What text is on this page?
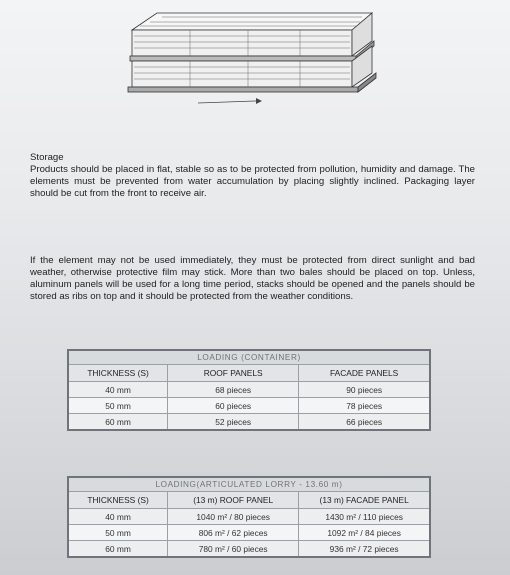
Storage

Products should be placed in flat, stable so as to be protected from pollution, humidity and damage. The elements must be prevented from water accumulation by placing slightly inclined. Packaging layer should be cut from the front to receive air.

If the element may not be used immediately, they must be protected from direct sunlight and bad weather, otherwise protective film may stick. More than two bales should be placed on top. Unless, aluminum panels will be used for a long time period, stacks should be opened and the panels should be stored as ribs on top and it should be protected from the weather conditions.

LOADING (CONTAINER)		
THICKNESS (S)	ROOF PANELS	FACADE PANELS
40 mm	68 pieces	90 pieces
50 mm	60 pieces	78 pieces
60 mm	52 pieces	66 pieces
LOADING(ARTICULATED LORRY - 13.60 m)		
THICKNESS (S)	(13 m) ROOF PANEL	(13 m) FACADE PANEL
40 mm	1040 m² / 80 pieces	1430 m² / 110 pieces
50 mm	806 m² / 62 pieces	1092 m² / 84 pieces
60 mm	780 m² / 60 pieces	936 m² / 72 pieces
